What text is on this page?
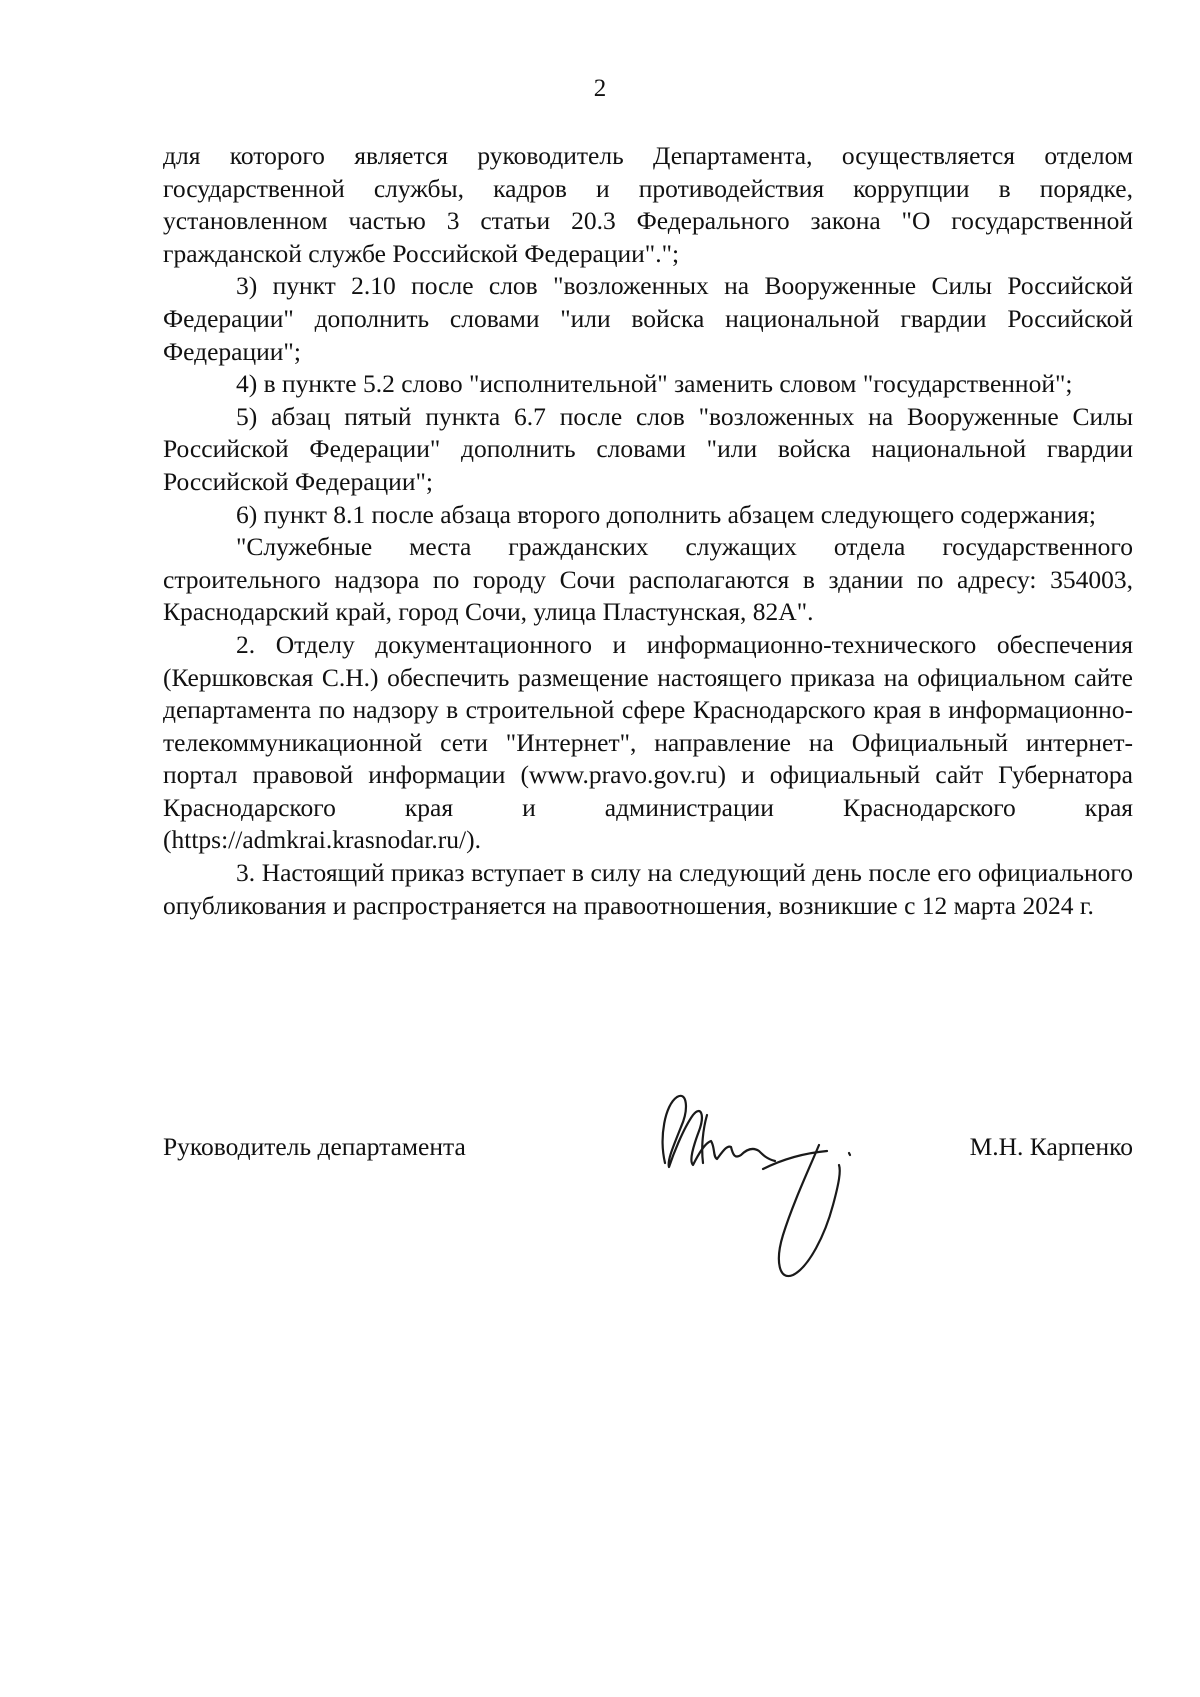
2

для которого является руководитель Департамента, осуществляется отделом государственной службы, кадров и противодействия коррупции в порядке, установленном частью 3 статьи 20.3 Федерального закона "О государственной гражданской службе Российской Федерации".";

3) пункт 2.10 после слов "возложенных на Вооруженные Силы Российской Федерации" дополнить словами "или войска национальной гвардии Российской Федерации";

4) в пункте 5.2 слово "исполнительной" заменить словом "государственной";

5) абзац пятый пункта 6.7 после слов "возложенных на Вооруженные Силы Российской Федерации" дополнить словами "или войска национальной гвардии Российской Федерации";

6) пункт 8.1 после абзаца второго дополнить абзацем следующего содержания;

"Служебные места гражданских служащих отдела государственного строительного надзора по городу Сочи располагаются в здании по адресу: 354003, Краснодарский край, город Сочи, улица Пластунская, 82А".

2. Отделу документационного и информационно-технического обеспечения (Кершковская С.Н.) обеспечить размещение настоящего приказа на официальном сайте департамента по надзору в строительной сфере Краснодарского края в информационно-телекоммуникационной сети "Интернет", направление на Официальный интернет-портал правовой информации (www.pravo.gov.ru) и официальный сайт Губернатора Краснодарского края и администрации Краснодарского края (https://admkrai.krasnodar.ru/).

3. Настоящий приказ вступает в силу на следующий день после его официального опубликования и распространяется на правоотношения, возникшие с 12 марта 2024 г.

Руководитель департамента	М.Н. Карпенко
